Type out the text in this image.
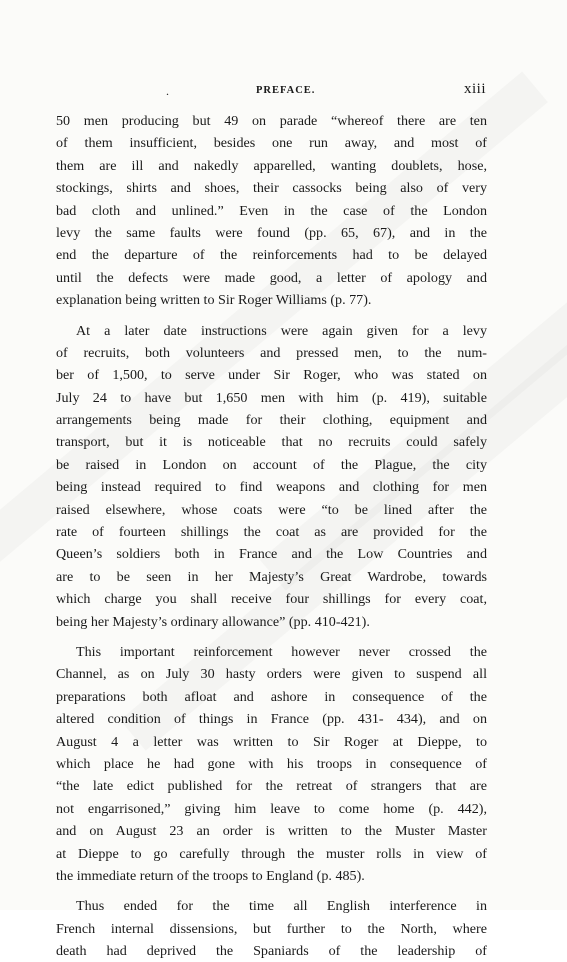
.	PREFACE.	xiii
50 men producing but 49 on parade “whereof there are ten
of them insufficient, besides one run away, and most of
them are ill and nakedly apparelled, wanting doublets, hose,
stockings, shirts and shoes, their cassocks being also of very
bad cloth and unlined.” Even in the case of the London
levy the same faults were found (pp. 65, 67), and in the
end the departure of the reinforcements had to be delayed
until the defects were made good, a letter of apology and
explanation being written to Sir Roger Williams (p. 77).
At a later date instructions were again given for a levy
of recruits, both volunteers and pressed men, to the num-
ber of 1,500, to serve under Sir Roger, who was stated on
July 24 to have but 1,650 men with him (p. 419), suitable
arrangements being made for their clothing, equipment and
transport, but it is noticeable that no recruits could safely
be raised in London on account of the Plague, the city
being instead required to find weapons and clothing for men
raised elsewhere, whose coats were “to be lined after the
rate of fourteen shillings the coat as are provided for the
Queen’s soldiers both in France and the Low Countries and
are to be seen in her Majesty’s Great Wardrobe, towards
which charge you shall receive four shillings for every coat,
being her Majesty’s ordinary allowance” (pp. 410-421).
This important reinforcement however never crossed the
Channel, as on July 30 hasty orders were given to suspend all
preparations both afloat and ashore in consequence of the
altered condition of things in France (pp. 431- 434), and on
August 4 a letter was written to Sir Roger at Dieppe, to
which place he had gone with his troops in consequence of
“the late edict published for the retreat of strangers that are
not engarrisoned,” giving him leave to come home (p. 442),
and on August 23 an order is written to the Muster Master
at Dieppe to go carefully through the muster rolls in view of
the immediate return of the troops to England (p. 485).
Thus ended for the time all English interference in
French internal dissensions, but further to the North, where
death had deprived the Spaniards of the leadership of
